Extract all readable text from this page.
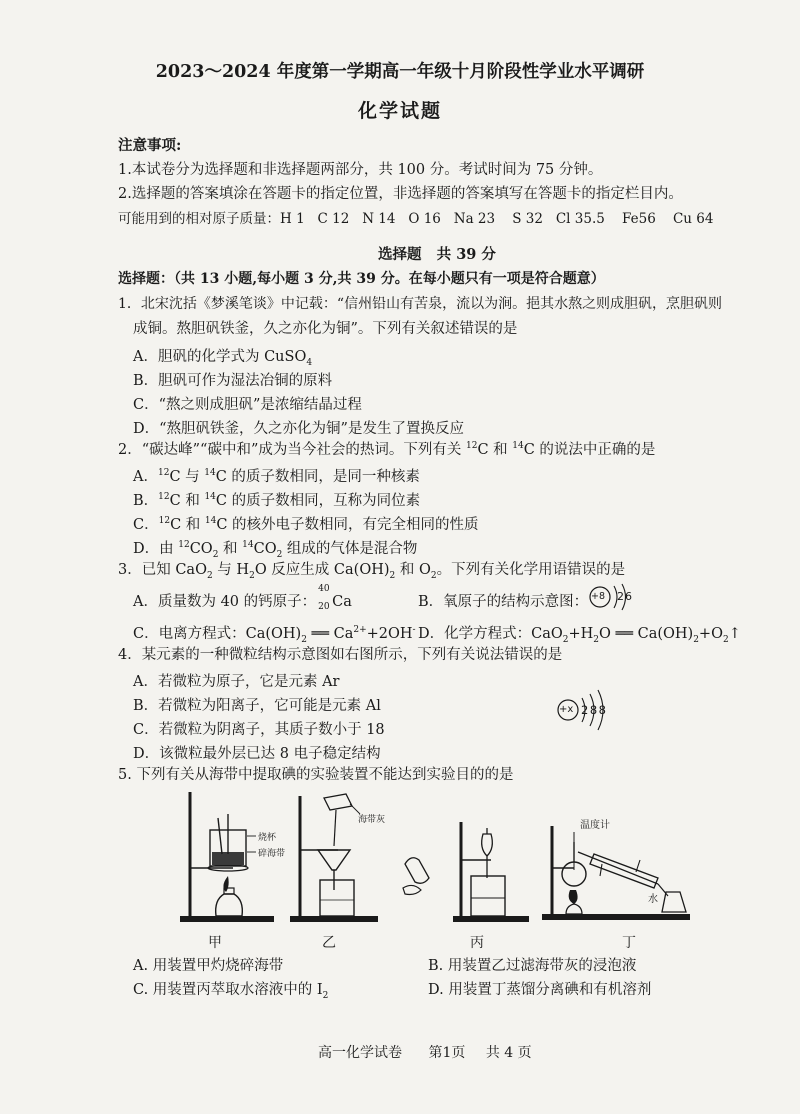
2023～2024 年度第一学期高一年级十月阶段性学业水平调研
化学试题
注意事项:
1.本试卷分为选择题和非选择题两部分，共 100 分。考试时间为 75 分钟。
2.选择题的答案填涂在答题卡的指定位置，非选择题的答案填写在答题卡的指定栏目内。
可能用到的相对原子质量：H 1   C 12   N 14   O 16   Na 23    S 32   Cl 35.5    Fe56    Cu 64
选择题   共 39 分
选择题：（共 13 小题,每小题 3 分,共 39 分。在每小题只有一项是符合题意）
1．北宋沈括《梦溪笔谈》中记载：“信州铅山有苦泉，流以为涧。挹其水熬之则成胆矾，烹胆矾则
成铜。熬胆矾铁釜，久之亦化为铜”。下列有关叙述错误的是
A．胆矾的化学式为 CuSO$_4$
B．胆矾可作为湿法冶铜的原料
C．“熬之则成胆矾”是浓缩结晶过程
D．“熬胆矾铁釜，久之亦化为铜”是发生了置换反应
2．“碳达峰”“碳中和”成为当今社会的热词。下列有关 $^{12}$C 和 $^{14}$C 的说法中正确的是
A．$^{12}$C 与 $^{14}$C 的质子数相同，是同一种核素
B．$^{12}$C 和 $^{14}$C 的质子数相同，互称为同位素
C．$^{12}$C 和 $^{14}$C 的核外电子数相同，有完全相同的性质
D．由 $^{12}CO_2$ 和 $^{14}CO_2$ 组成的气体是混合物
3．已知 CaO$_2$ 与 $H_2O$ 反应生成 $Ca(OH)_2$ 和 $O_2$。下列有关化学用语错误的是
A．质量数为 40 的钙原子：
40
20 Ca	B．氧原子的结构示意图： +8 26
C．电离方程式：$Ca(OH)_2$ ══ $Ca^{2+}+2OH^-$ D．化学方程式：$CaO_2+H_2O$ ══ $Ca(OH)_2+O_2↑$
4．某元素的一种微粒结构示意图如右图所示，下列有关说法错误的是
A．若微粒为原子，它是元素 Ar
B．若微粒为阳离子，它可能是元素 Al
C．若微粒为阴离子，其质子数小于 18
D．该微粒最外层已达 8 电子稳定结构
+x 288
5. 下列有关从海带中提取碘的实验装置不能达到实验目的的是
烧杯
碎海带
海带灰	温度计
水
甲	乙	丙	丁
A. 用装置甲灼烧碎海带	B. 用装置乙过滤海带灰的浸泡液
C. 用装置丙萃取水溶液中的 $I_2$	D. 用装置丁蒸馏分离碘和有机溶剂
高一化学试卷 第1页 共 4 页
